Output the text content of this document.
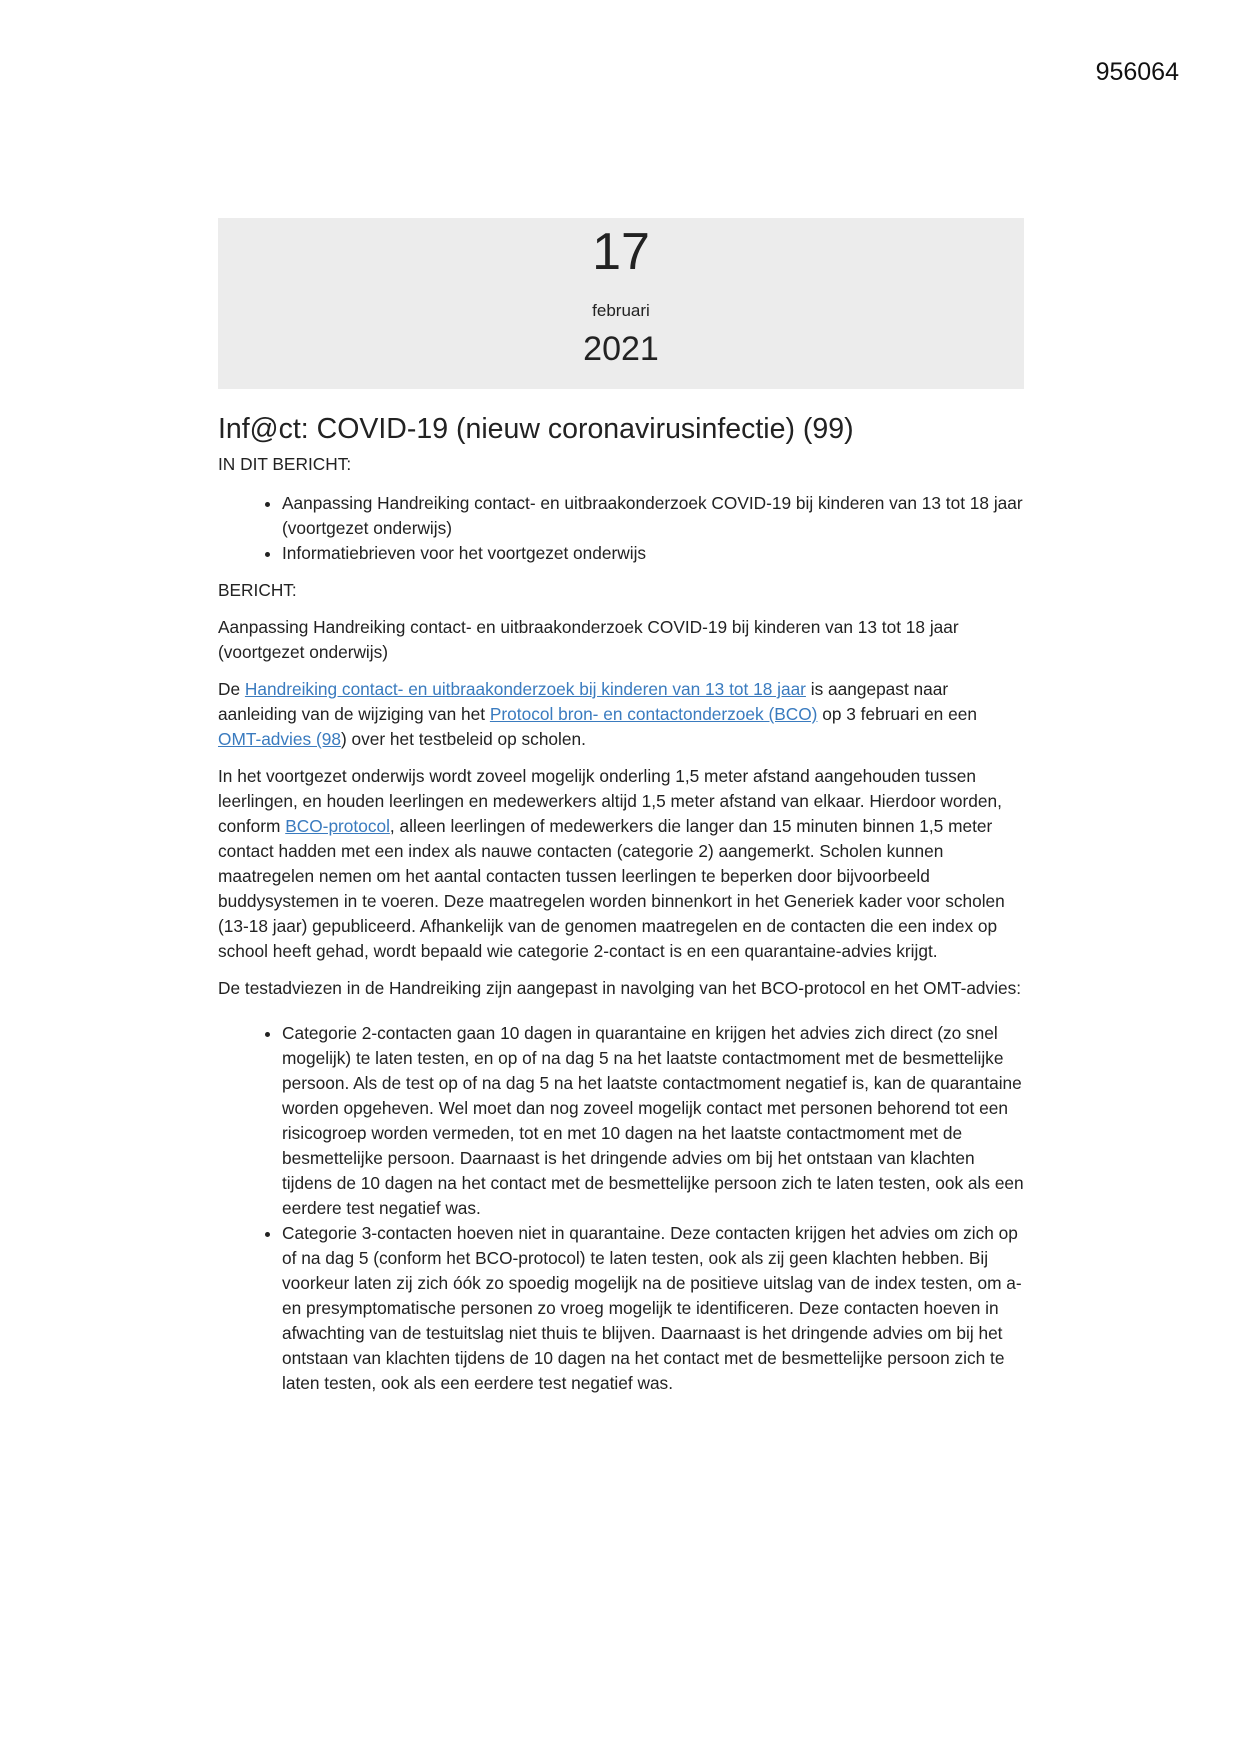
956064
17
februari
2021
Inf@ct: COVID-19 (nieuw coronavirusinfectie) (99)

IN DIT BERICHT:

• Aanpassing Handreiking contact- en uitbraakonderzoek COVID-19 bij kinderen van 13 tot 18 jaar (voortgezet onderwijs)
• Informatiebrieven voor het voortgezet onderwijs

BERICHT:

Aanpassing Handreiking contact- en uitbraakonderzoek COVID-19 bij kinderen van 13 tot 18 jaar (voortgezet onderwijs)

De Handreiking contact- en uitbraakonderzoek bij kinderen van 13 tot 18 jaar is aangepast naar aanleiding van de wijziging van het Protocol bron- en contactonderzoek (BCO) op 3 februari en een OMT-advies (98) over het testbeleid op scholen.

In het voortgezet onderwijs wordt zoveel mogelijk onderling 1,5 meter afstand aangehouden tussen leerlingen, en houden leerlingen en medewerkers altijd 1,5 meter afstand van elkaar. Hierdoor worden, conform BCO-protocol, alleen leerlingen of medewerkers die langer dan 15 minuten binnen 1,5 meter contact hadden met een index als nauwe contacten (categorie 2) aangemerkt. Scholen kunnen maatregelen nemen om het aantal contacten tussen leerlingen te beperken door bijvoorbeeld buddysystemen in te voeren. Deze maatregelen worden binnenkort in het Generiek kader voor scholen (13-18 jaar) gepubliceerd. Afhankelijk van de genomen maatregelen en de contacten die een index op school heeft gehad, wordt bepaald wie categorie 2-contact is en een quarantaine-advies krijgt.

De testadviezen in de Handreiking zijn aangepast in navolging van het BCO-protocol en het OMT-advies:

• Categorie 2-contacten gaan 10 dagen in quarantaine en krijgen het advies zich direct (zo snel mogelijk) te laten testen, en op of na dag 5 na het laatste contactmoment met de besmettelijke persoon. Als de test op of na dag 5 na het laatste contactmoment negatief is, kan de quarantaine worden opgeheven. Wel moet dan nog zoveel mogelijk contact met personen behorend tot een risicogroep worden vermeden, tot en met 10 dagen na het laatste contactmoment met de besmettelijke persoon. Daarnaast is het dringende advies om bij het ontstaan van klachten tijdens de 10 dagen na het contact met de besmettelijke persoon zich te laten testen, ook als een eerdere test negatief was.
• Categorie 3-contacten hoeven niet in quarantaine. Deze contacten krijgen het advies om zich op of na dag 5 (conform het BCO-protocol) te laten testen, ook als zij geen klachten hebben. Bij voorkeur laten zij zich óók zo spoedig mogelijk na de positieve uitslag van de index testen, om a- en presymptomatische personen zo vroeg mogelijk te identificeren. Deze contacten hoeven in afwachting van de testuitslag niet thuis te blijven. Daarnaast is het dringende advies om bij het ontstaan van klachten tijdens de 10 dagen na het contact met de besmettelijke persoon zich te laten testen, ook als een eerdere test negatief was.
